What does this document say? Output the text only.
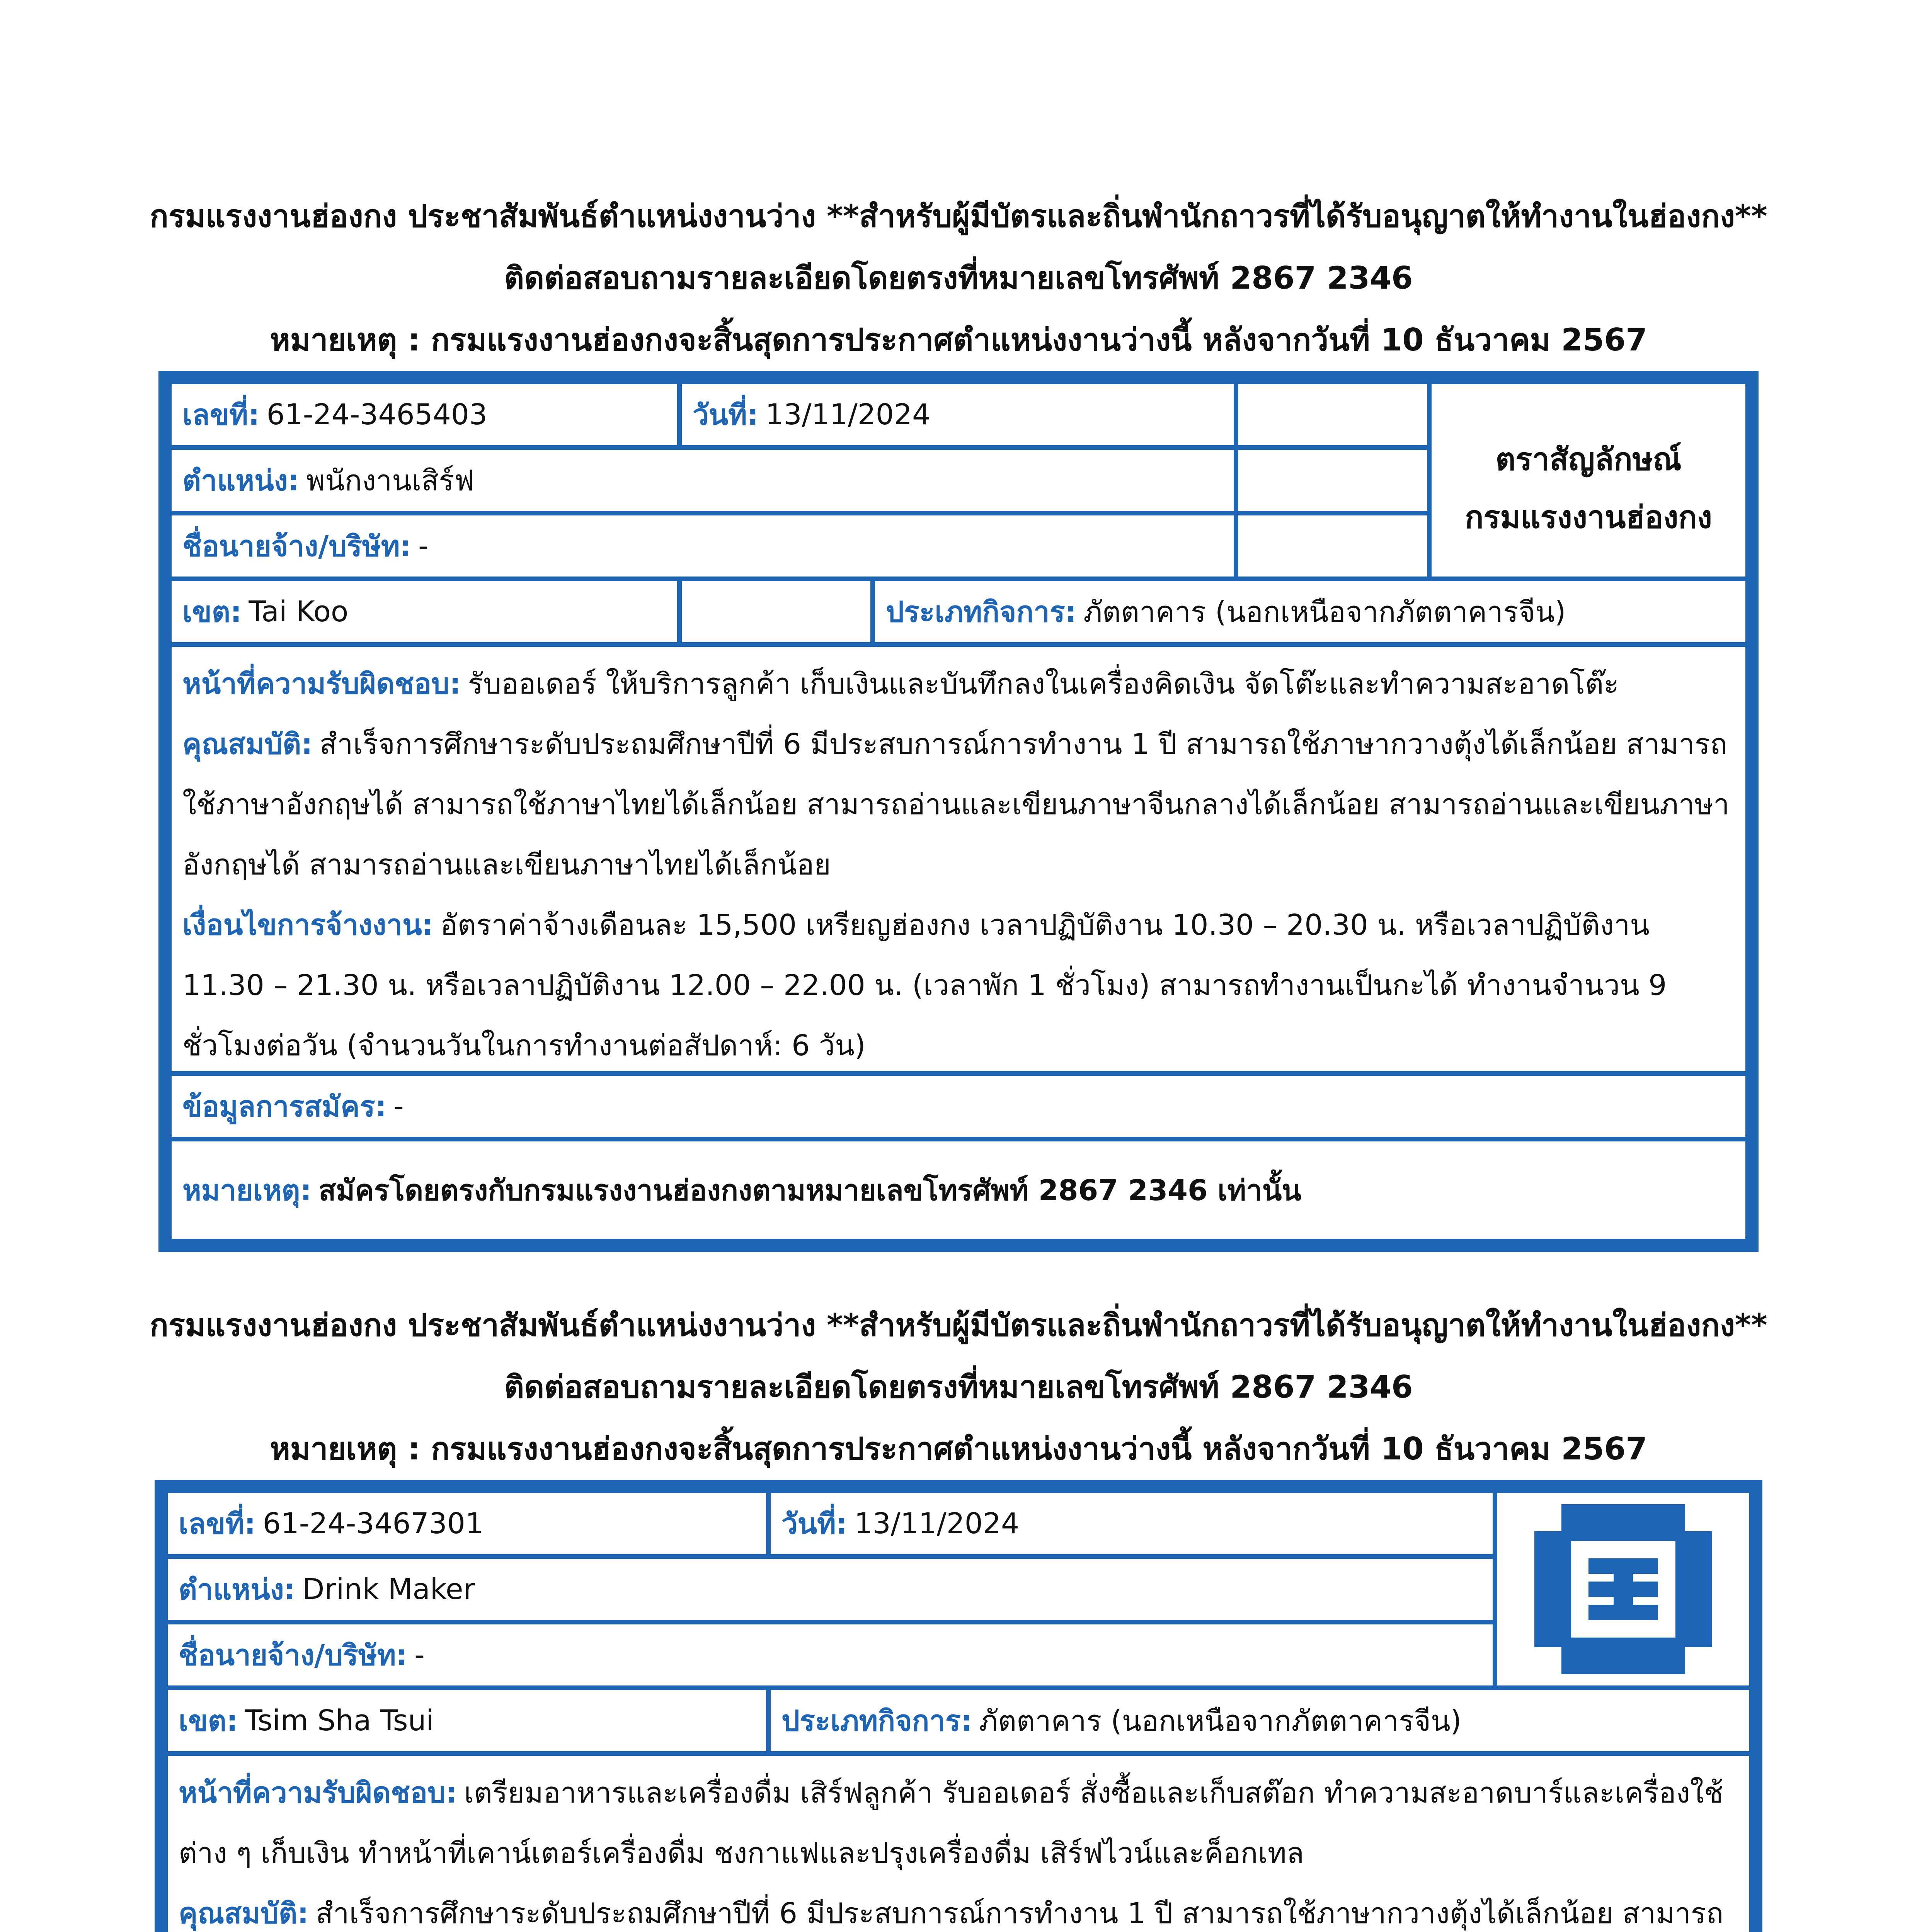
กรมแรงงานฮ่องกง ประชาสัมพันธ์ตำแหน่งงานว่าง **สำหรับผู้มีบัตรและถิ่นพำนักถาวรที่ได้รับอนุญาตให้ทำงานในฮ่องกง**
ติดต่อสอบถามรายละเอียดโดยตรงที่หมายเลขโทรศัพท์ 2867 2346
หมายเหตุ : กรมแรงงานฮ่องกงจะสิ้นสุดการประกาศตำแหน่งงานว่างนี้ หลังจากวันที่ 10 ธันวาคม 2567
เลขที่: 61-24-3465403	วันที่: 13/11/2024
ตำแหน่ง: พนักงานเสิร์ฟ
ชื่อนายจ้าง/บริษัท: -
ตราสัญลักษณ์
กรมแรงงานฮ่องกง
เขต: Tai Koo	ประเภทกิจการ: ภัตตาคาร (นอกเหนือจากภัตตาคารจีน)

หน้าที่ความรับผิดชอบ: รับออเดอร์ ให้บริการลูกค้า เก็บเงินและบันทึกลงในเครื่องคิดเงิน จัดโต๊ะและทำความสะอาดโต๊ะ

คุณสมบัติ: สำเร็จการศึกษาระดับประถมศึกษาปีที่ 6 มีประสบการณ์การทำงาน 1 ปี สามารถใช้ภาษากวางตุ้งได้เล็กน้อย สามารถใช้ภาษาอังกฤษได้ สามารถใช้ภาษาไทยได้เล็กน้อย สามารถอ่านและเขียนภาษาจีนกลางได้เล็กน้อย สามารถอ่านและเขียนภาษาอังกฤษได้ สามารถอ่านและเขียนภาษาไทยได้เล็กน้อย

เงื่อนไขการจ้างงาน: อัตราค่าจ้างเดือนละ 15,500 เหรียญฮ่องกง เวลาปฏิบัติงาน 10.30 – 20.30 น. หรือเวลาปฏิบัติงาน 11.30 – 21.30 น. หรือเวลาปฏิบัติงาน 12.00 – 22.00 น. (เวลาพัก 1 ชั่วโมง) สามารถทำงานเป็นกะได้ ทำงานจำนวน 9 ชั่วโมงต่อวัน (จำนวนวันในการทำงานต่อสัปดาห์: 6 วัน)

ข้อมูลการสมัคร: -
หมายเหตุ: สมัครโดยตรงกับกรมแรงงานฮ่องกงตามหมายเลขโทรศัพท์ 2867 2346 เท่านั้น
กรมแรงงานฮ่องกง ประชาสัมพันธ์ตำแหน่งงานว่าง **สำหรับผู้มีบัตรและถิ่นพำนักถาวรที่ได้รับอนุญาตให้ทำงานในฮ่องกง**
ติดต่อสอบถามรายละเอียดโดยตรงที่หมายเลขโทรศัพท์ 2867 2346
หมายเหตุ : กรมแรงงานฮ่องกงจะสิ้นสุดการประกาศตำแหน่งงานว่างนี้ หลังจากวันที่ 10 ธันวาคม 2567
เลขที่: 61-24-3467301	วันที่: 13/11/2024
ตำแหน่ง: Drink Maker
ชื่อนายจ้าง/บริษัท: -
เขต: Tsim Sha Tsui	ประเภทกิจการ: ภัตตาคาร (นอกเหนือจากภัตตาคารจีน)

หน้าที่ความรับผิดชอบ: เตรียมอาหารและเครื่องดื่ม เสิร์ฟลูกค้า รับออเดอร์ สั่งซื้อและเก็บสต๊อก ทำความสะอาดบาร์และเครื่องใช้ต่าง ๆ เก็บเงิน ทำหน้าที่เคาน์เตอร์เครื่องดื่ม ชงกาแฟและปรุงเครื่องดื่ม เสิร์ฟไวน์และค็อกเทล

คุณสมบัติ: สำเร็จการศึกษาระดับประถมศึกษาปีที่ 6 มีประสบการณ์การทำงาน 1 ปี สามารถใช้ภาษากวางตุ้งได้เล็กน้อย สามารถ
